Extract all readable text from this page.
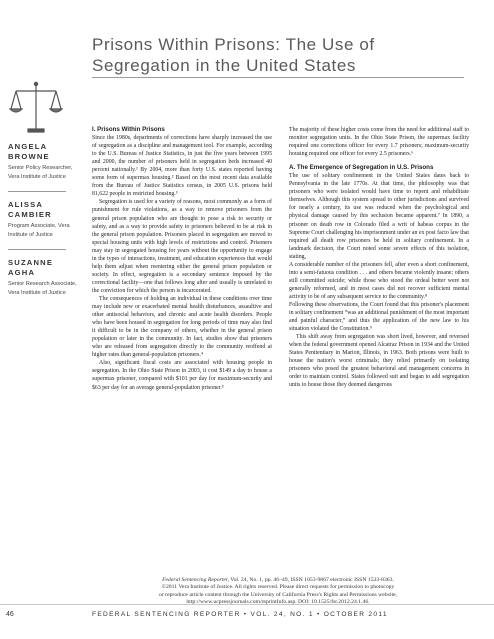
Prisons Within Prisons: The Use of Segregation in the United States
ANGELA BROWNE
Senior Policy Researcher, Vera Institute of Justice
ALISSA CAMBIER
Program Associate, Vera Institute of Justice
SUZANNE AGHA
Senior Research Associate, Vera Institute of Justice
I. Prisons Within Prisons

Since the 1980s, departments of corrections have sharply increased the use of segregation as a discipline and management tool. For example, according to the U.S. Bureau of Justice Statistics, in just the five years between 1995 and 2000, the number of prisoners held in segregation beds increased 40 percent nationally.¹ By 2004, more than forty U.S. states reported having some form of supermax housing.² Based on the most recent data available from the Bureau of Justice Statistics census, in 2005 U.S. prisons held 81,622 people in restricted housing.³

Segregation is used for a variety of reasons, most commonly as a form of punishment for rule violations, as a way to remove prisoners from the general prison population who are thought to pose a risk to security or safety, and as a way to provide safety to prisoners believed to be at risk in the general prison population. Prisoners placed in segregation are moved to special housing units with high levels of restrictions and control. Prisoners may stay in segregated housing for years without the opportunity to engage in the types of interactions, treatment, and education experiences that would help them adjust when reentering either the general prison population or society. In effect, segregation is a secondary sentence imposed by the correctional facility—one that follows long after and usually is unrelated to the conviction for which the person is incarcerated.

The consequences of holding an individual in these conditions over time may include new or exacerbated mental health disturbances, assaultive and other antisocial behaviors, and chronic and acute health disorders. People who have been housed in segregation for long periods of time may also find it difficult to be in the company of others, whether in the general prison population or later in the community. In fact, studies show that prisoners who are released from segregation directly to the community reoffend at higher rates than general-population prisoners.⁴

Also, significant fiscal costs are associated with housing people in segregation. In the Ohio State Prison in 2003, it cost $149 a day to house a supermax prisoner, compared with $101 per day for maximum-security and $63 per day for an average general-population prisoner.⁵

The majority of these higher costs come from the need for additional staff to monitor segregation units. In the Ohio State Prison, the supermax facility required one corrections officer for every 1.7 prisoners; maximum-security housing required one officer for every 2.5 prisoners.⁶

A. The Emergence of Segregation in U.S. Prisons

The use of solitary confinement in the United States dates back to Pennsylvania in the late 1770s. At that time, the philosophy was that prisoners who were isolated would have time to repent and rehabilitate themselves. Although this system spread to other jurisdictions and survived for nearly a century, its use was reduced when the psychological and physical damage caused by this seclusion became apparent.⁷ In 1890, a prisoner on death row in Colorado filed a writ of habeas corpus in the Supreme Court challenging his imprisonment under an ex post facto law that required all death row prisoners be held in solitary confinement. In a landmark decision, the Court noted some severe effects of this isolation, stating,

A considerable number of the prisoners fell, after even a short confinement, into a semi-fatuous condition . . . and others became violently insane; others still committed suicide; while those who stood the ordeal better were not generally reformed, and in most cases did not recover sufficient mental activity to be of any subsequent service to the community.⁸

Following these observations, the Court found that this prisoner's placement in solitary confinement “was an additional punishment of the most important and painful character,” and thus the application of the new law to his situation violated the Constitution.⁹

This shift away from segregation was short lived, however, and reversed when the federal government opened Alcatraz Prison in 1934 and the United States Penitentiary in Marion, Illinois, in 1963. Both prisons were built to house the nation's worst criminals; they relied primarily on isolating prisoners who posed the greatest behavioral and management concerns in order to maintain control. States followed suit and began to add segregation units to house those they deemed dangerous

Federal Sentencing Reporter, Vol. 24, No. 1, pp. 46–49, ISSN 1053-9867 electronic ISSN 1533-8363.
©2011 Vera Institute of Justice. All rights reserved. Please direct requests for permission to photocopy
or reproduce article content through the University of California Press's Rights and Permissions website,
http://www.ucpressjournals.com/reprintInfo.asp. DOI: 10.1525/fsr.2012.24.1.46.
46	FEDERAL SENTENCING REPORTER • VOL. 24, NO. 1 • OCTOBER 2011
